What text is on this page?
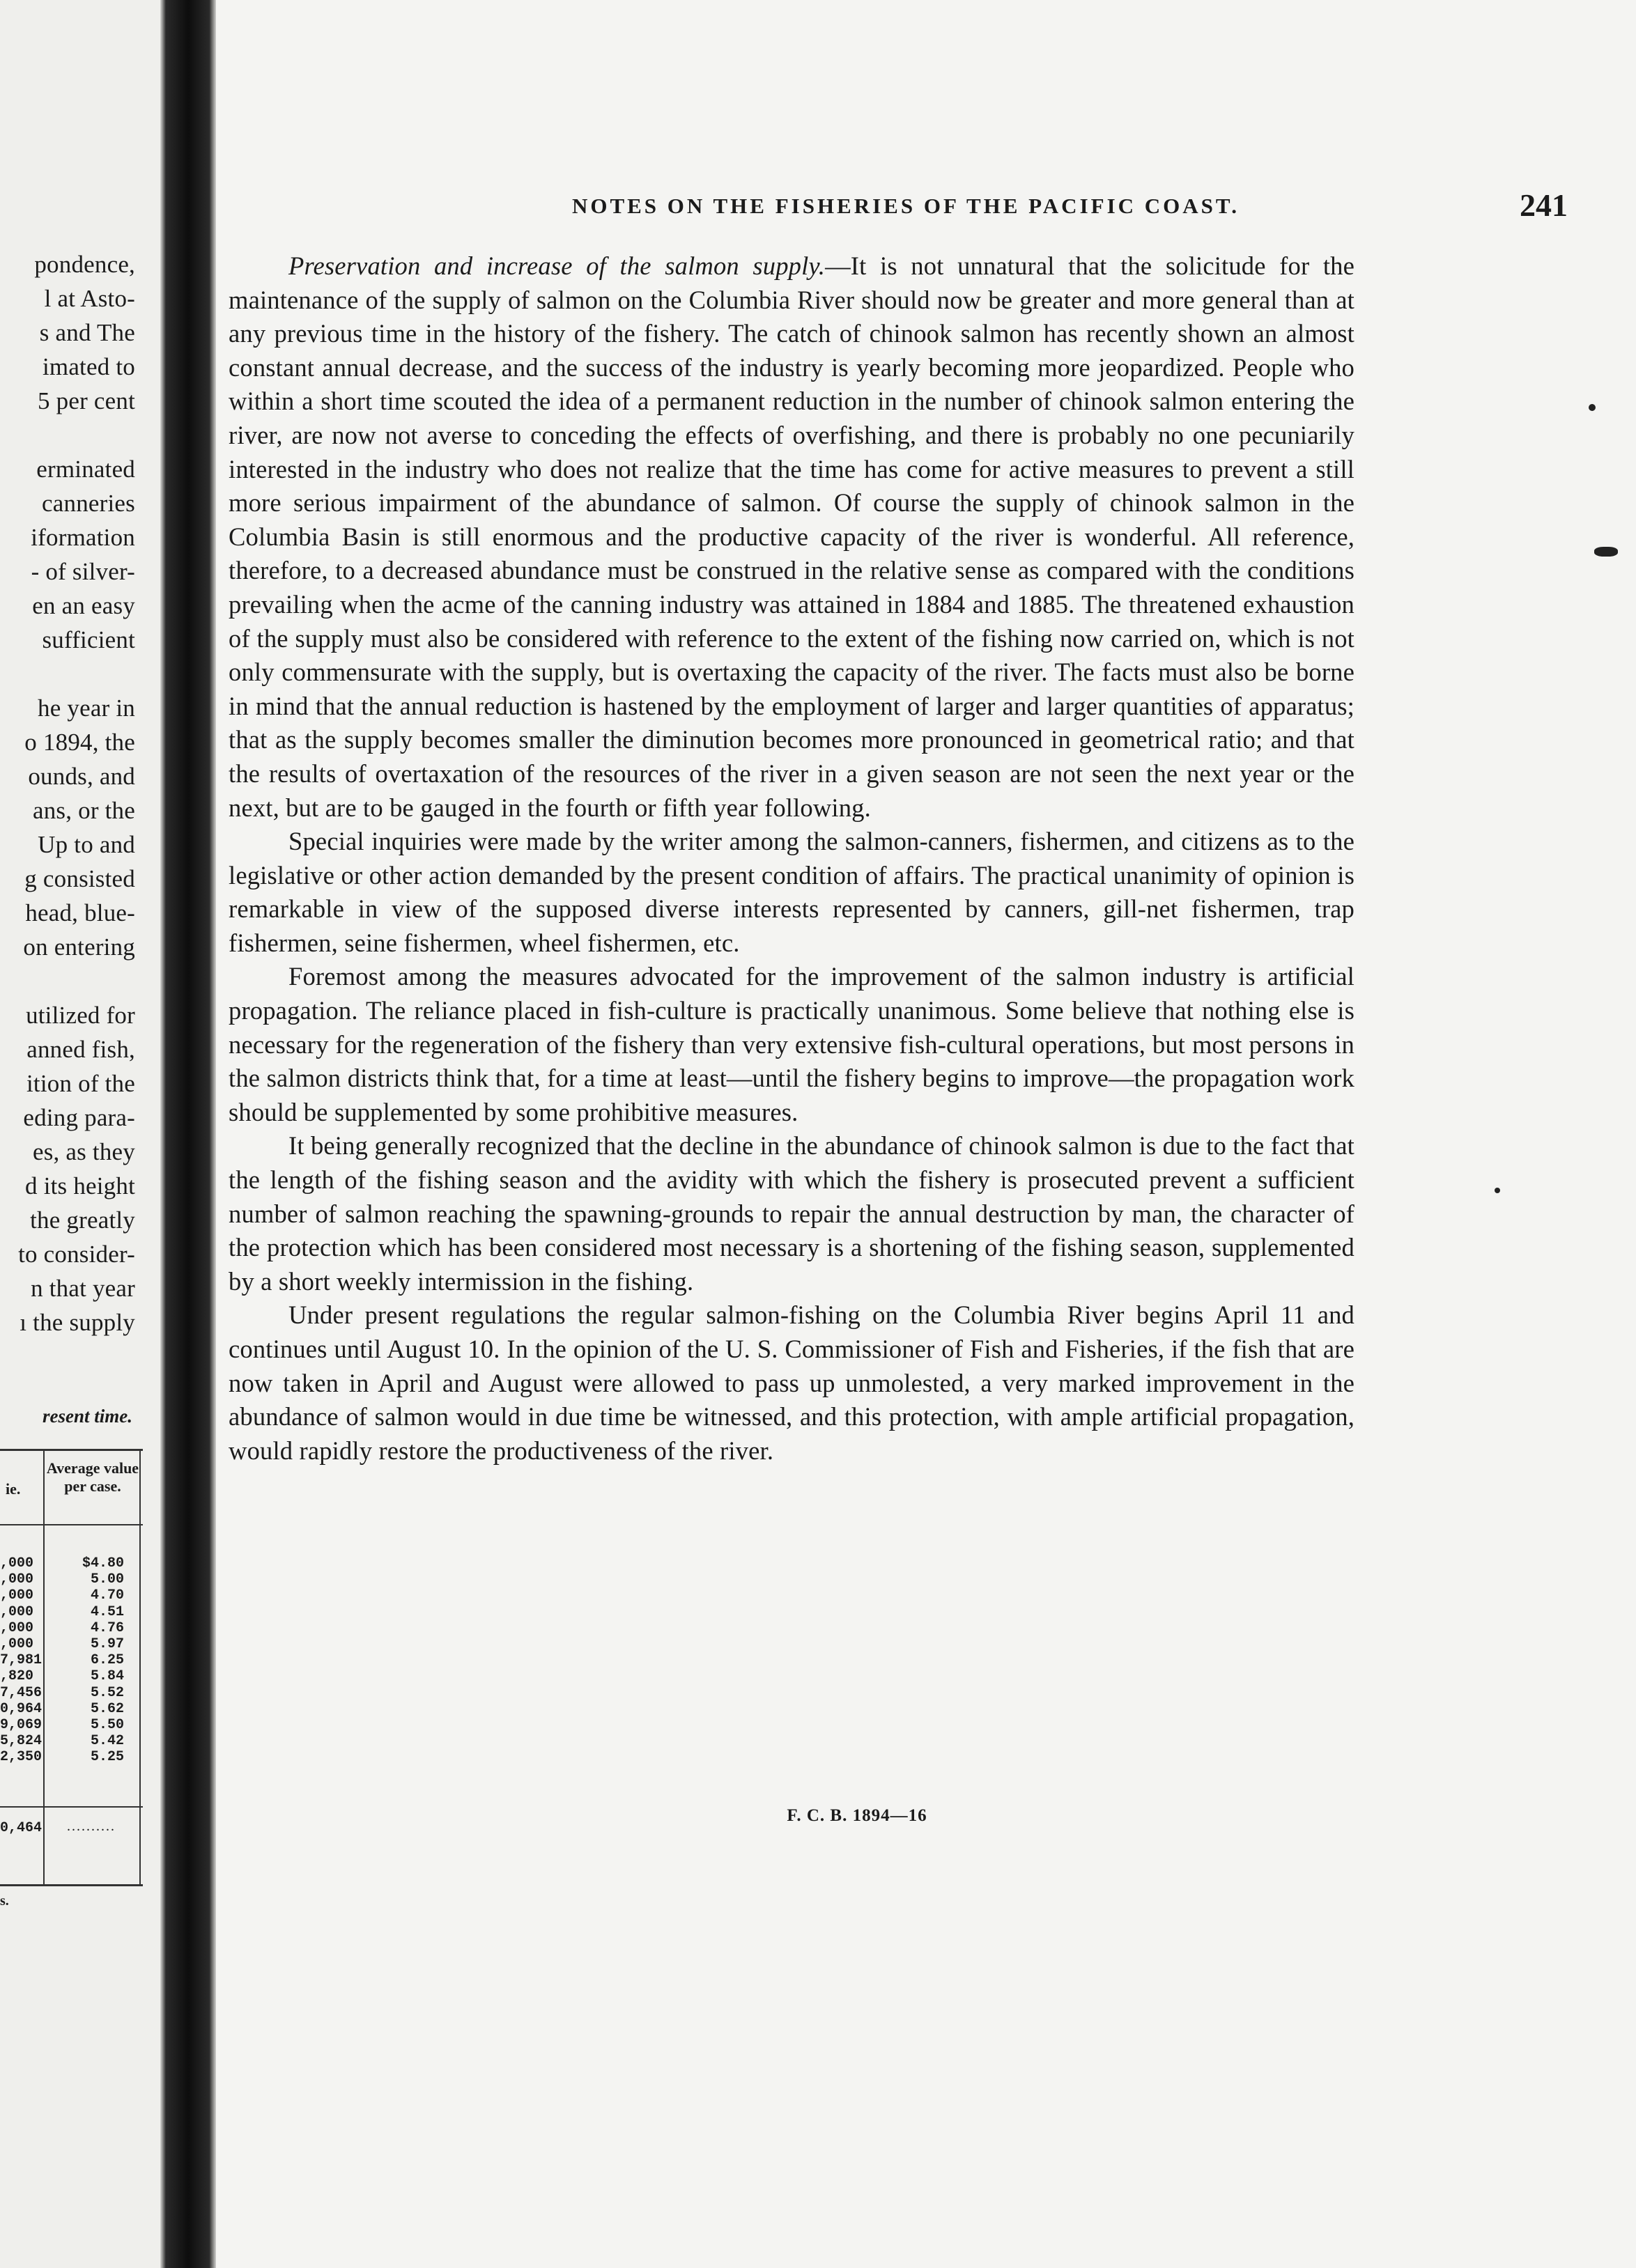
pondence,
l at Asto-
s and The
imated to
5 per cent
erminated
canneries
iformation
- of silver-
en an easy
sufficient
he year in
o 1894, the
ounds, and
ans, or the
Up to and
g consisted
head, blue-
on entering
utilized for
anned fish,
ition of the
eding para-
es, as they
d its height
the greatly
to consider-
n that year
ı the supply
resent time.
ie.
Average value per case.
,000
,000
,000
,000
,000
,000
7,981
,820
7,456
0,964
9,069
5,824
2,350
$4.80
5.00
4.70
4.51
4.76
5.97
6.25
5.84
5.52
5.62
5.50
5.42
5.25
0,464 ..........
s.
NOTES ON THE FISHERIES OF THE PACIFIC COAST.	241

Preservation and increase of the salmon supply.—It is not unnatural that the solicitude for the maintenance of the supply of salmon on the Columbia River should now be greater and more general than at any previous time in the history of the fishery. The catch of chinook salmon has recently shown an almost constant annual decrease, and the success of the industry is yearly becoming more jeopardized. People who within a short time scouted the idea of a permanent reduction in the number of chinook salmon entering the river, are now not averse to conceding the effects of overfishing, and there is probably no one pecuniarily interested in the industry who does not realize that the time has come for active measures to prevent a still more serious impairment of the abundance of salmon. Of course the supply of chinook salmon in the Columbia Basin is still enormous and the productive capacity of the river is wonderful. All reference, therefore, to a decreased abundance must be construed in the relative sense as compared with the conditions prevailing when the acme of the canning industry was attained in 1884 and 1885. The threatened exhaustion of the supply must also be considered with reference to the extent of the fishing now carried on, which is not only commensurate with the supply, but is overtaxing the capacity of the river. The facts must also be borne in mind that the annual reduction is hastened by the employment of larger and larger quantities of apparatus; that as the supply becomes smaller the diminution becomes more pronounced in geometrical ratio; and that the results of overtaxation of the resources of the river in a given season are not seen the next year or the next, but are to be gauged in the fourth or fifth year following.

Special inquiries were made by the writer among the salmon-canners, fishermen, and citizens as to the legislative or other action demanded by the present condition of affairs. The practical unanimity of opinion is remarkable in view of the supposed diverse interests represented by canners, gill-net fishermen, trap fishermen, seine fishermen, wheel fishermen, etc.

Foremost among the measures advocated for the improvement of the salmon industry is artificial propagation. The reliance placed in fish-culture is practically unanimous. Some believe that nothing else is necessary for the regeneration of the fishery than very extensive fish-cultural operations, but most persons in the salmon districts think that, for a time at least—until the fishery begins to improve—the propagation work should be supplemented by some prohibitive measures.

It being generally recognized that the decline in the abundance of chinook salmon is due to the fact that the length of the fishing season and the avidity with which the fishery is prosecuted prevent a sufficient number of salmon reaching the spawning-grounds to repair the annual destruction by man, the character of the protection which has been considered most necessary is a shortening of the fishing season, supplemented by a short weekly intermission in the fishing.

Under present regulations the regular salmon-fishing on the Columbia River begins April 11 and continues until August 10. In the opinion of the U. S. Commissioner of Fish and Fisheries, if the fish that are now taken in April and August were allowed to pass up unmolested, a very marked improvement in the abundance of salmon would in due time be witnessed, and this protection, with ample artificial propagation, would rapidly restore the productiveness of the river.

F. C. B. 1894—16
